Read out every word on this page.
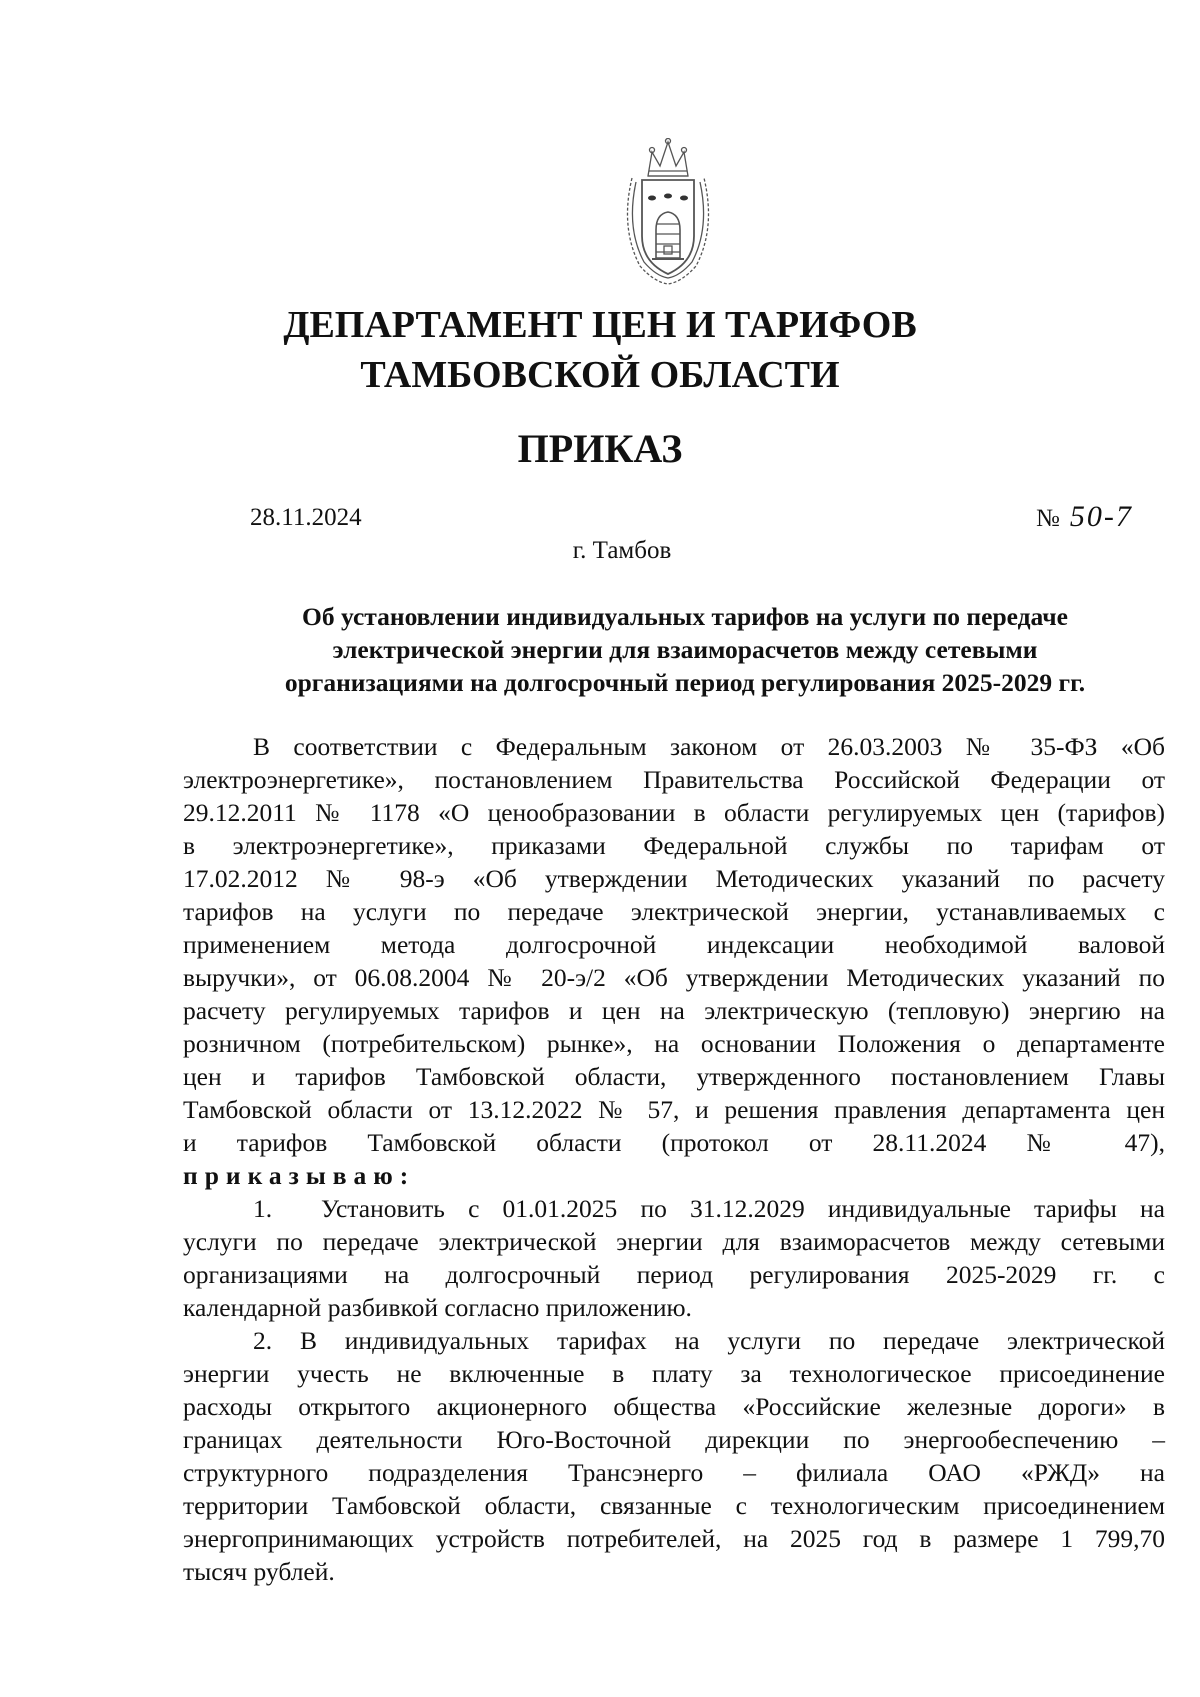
ДЕПАРТАМЕНТ ЦЕН И ТАРИФОВ
ТАМБОВСКОЙ ОБЛАСТИ
ПРИКАЗ
28.11.2024	№ 50-7
г. Тамбов
Об установлении индивидуальных тарифов на услуги по передаче
электрической энергии для взаиморасчетов между сетевыми
организациями на долгосрочный период регулирования 2025-2029 гг.
В соответствии с Федеральным законом от 26.03.2003 № 35-ФЗ «Об
электроэнергетике», постановлением Правительства Российской Федерации от
29.12.2011 № 1178 «О ценообразовании в области регулируемых цен (тарифов)
в электроэнергетике», приказами Федеральной службы по тарифам от
17.02.2012 № 98-э «Об утверждении Методических указаний по расчету
тарифов на услуги по передаче электрической энергии, устанавливаемых с
применением метода долгосрочной индексации необходимой валовой
выручки», от 06.08.2004 № 20-э/2 «Об утверждении Методических указаний по
расчету регулируемых тарифов и цен на электрическую (тепловую) энергию на
розничном (потребительском) рынке», на основании Положения о департаменте
цен и тарифов Тамбовской области, утвержденного постановлением Главы
Тамбовской области от 13.12.2022 № 57, и решения правления департамента цен
и тарифов Тамбовской области (протокол от 28.11.2024 № 47),
приказываю:
1. Установить с 01.01.2025 по 31.12.2029 индивидуальные тарифы на
услуги по передаче электрической энергии для взаиморасчетов между сетевыми
организациями на долгосрочный период регулирования 2025-2029 гг. с
календарной разбивкой согласно приложению.
2. В индивидуальных тарифах на услуги по передаче электрической
энергии учесть не включенные в плату за технологическое присоединение
расходы открытого акционерного общества «Российские железные дороги» в
границах деятельности Юго-Восточной дирекции по энергообеспечению –
структурного подразделения Трансэнерго – филиала ОАО «РЖД» на
территории Тамбовской области, связанные с технологическим присоединением
энергопринимающих устройств потребителей, на 2025 год в размере 1 799,70
тысяч рублей.
